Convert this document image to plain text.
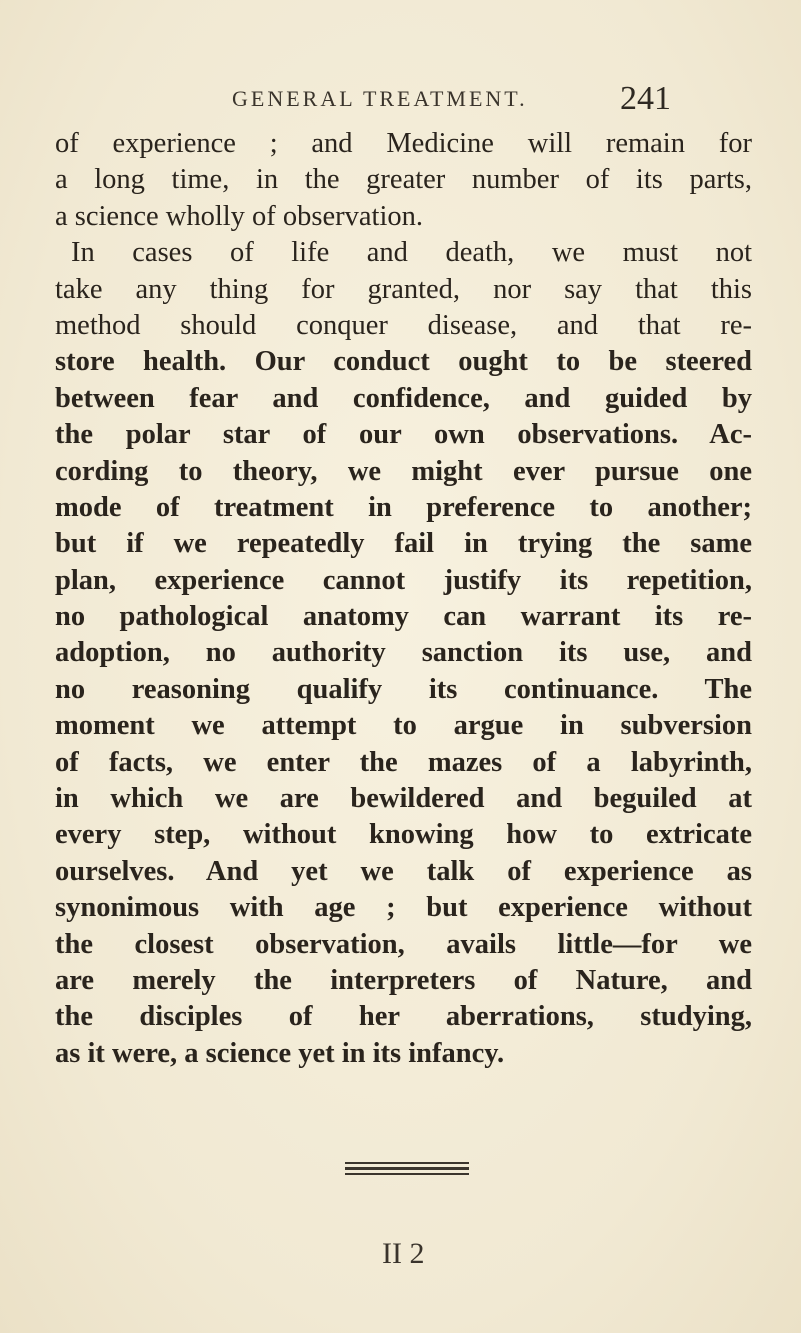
GENERAL TREATMENT.	241
of experience ; and Medicine will remain for
a long time, in the greater number of its parts,
a science wholly of observation.
In cases of life and death, we must not
take any thing for granted, nor say that this
method should conquer disease, and that re-
store health. Our conduct ought to be steered
between fear and confidence, and guided by
the polar star of our own observations. Ac-
cording to theory, we might ever pursue one
mode of treatment in preference to another;
but if we repeatedly fail in trying the same
plan, experience cannot justify its repetition,
no pathological anatomy can warrant its re-
adoption, no authority sanction its use, and
no reasoning qualify its continuance. The
moment we attempt to argue in subversion
of facts, we enter the mazes of a labyrinth,
in which we are bewildered and beguiled at
every step, without knowing how to extricate
ourselves. And yet we talk of experience as
synonimous with age ; but experience without
the closest observation, avails little—for we
are merely the interpreters of Nature, and
the disciples of her aberrations, studying,
as it were, a science yet in its infancy.
II 2
